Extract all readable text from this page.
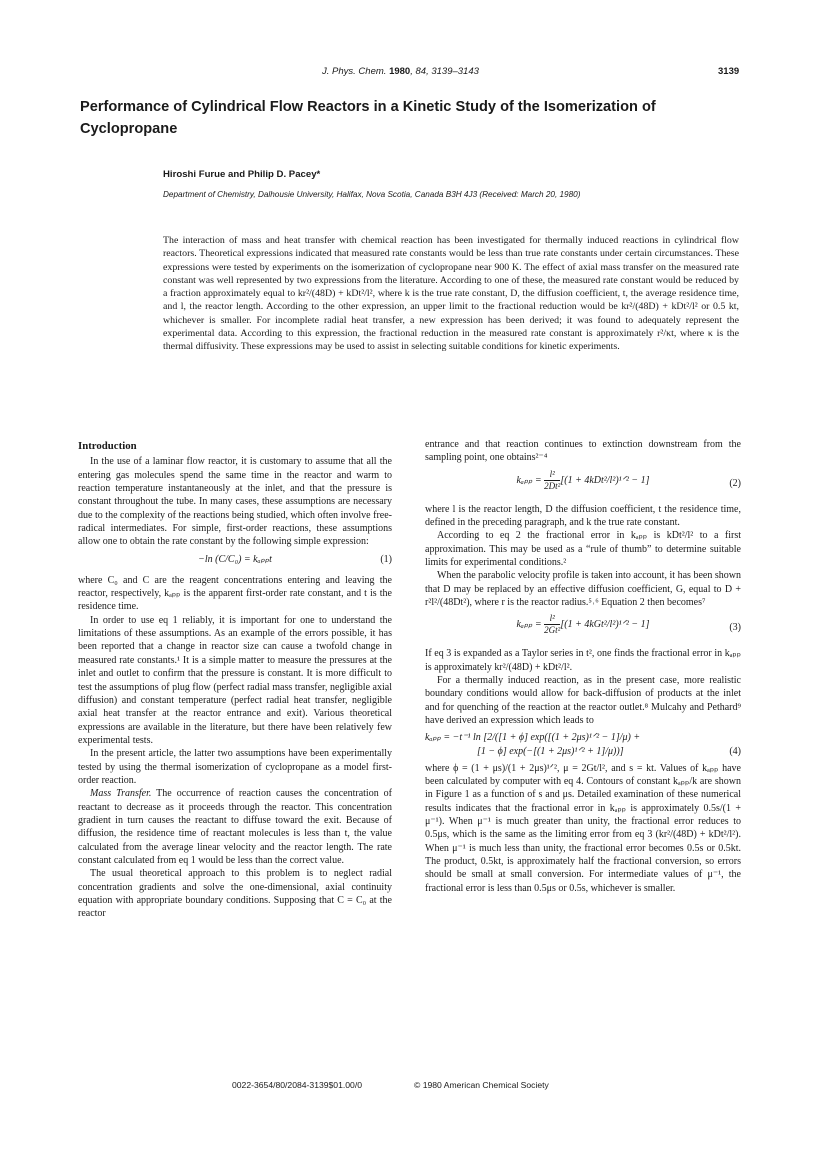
J. Phys. Chem. 1980, 84, 3139–3143	3139
Performance of Cylindrical Flow Reactors in a Kinetic Study of the Isomerization of Cyclopropane
Hiroshi Furue and Philip D. Pacey*
Department of Chemistry, Dalhousie University, Halifax, Nova Scotia, Canada B3H 4J3 (Received: March 20, 1980)

The interaction of mass and heat transfer with chemical reaction has been investigated for thermally induced reactions in cylindrical flow reactors. Theoretical expressions indicated that measured rate constants would be less than true rate constants under certain circumstances. These expressions were tested by experiments on the isomerization of cyclopropane near 900 K. The effect of axial mass transfer on the measured rate constant was well represented by two expressions from the literature. According to one of these, the measured rate constant would be reduced by a fraction approximately equal to kr²/(48D) + kDt²/l², where k is the true rate constant, D, the diffusion coefficient, t, the average residence time, and l, the reactor length. According to the other expression, an upper limit to the fractional reduction would be kr²/(48D) + kDt²/l² or 0.5 kt, whichever is smaller. For incomplete radial heat transfer, a new expression has been derived; it was found to adequately represent the experimental data. According to this expression, the fractional reduction in the measured rate constant is approximately r²/κt, where κ is the thermal diffusivity. These expressions may be used to assist in selecting suitable conditions for kinetic experiments.

Introduction

In the use of a laminar flow reactor, it is customary to assume that all the entering gas molecules spend the same time in the reactor and warm to reaction temperature instantaneously at the inlet, and that the pressure is constant throughout the tube. In many cases, these assumptions are necessary due to the complexity of the reactions being studied, which often involve free-radical intermediates. For simple, first-order reactions, these assumptions allow one to obtain the rate constant by the following simple expression:

−ln (C/C₀) = kₐₚₚt	(1)

where C₀ and C are the reagent concentrations entering and leaving the reactor, respectively, kₐₚₚ is the apparent first-order rate constant, and t is the residence time.

In order to use eq 1 reliably, it is important for one to understand the limitations of these assumptions. As an example of the errors possible, it has been reported that a change in reactor size can cause a twofold change in measured rate constants.¹ It is a simple matter to measure the pressures at the inlet and outlet to confirm that the pressure is constant. It is more difficult to test the assumptions of plug flow (perfect radial mass transfer, negligible axial diffusion) and constant temperature (perfect radial heat transfer, negligible axial heat transfer at the reactor entrance and exit). Various theoretical expressions are available in the literature, but there have been relatively few experimental tests.

In the present article, the latter two assumptions have been experimentally tested by using the thermal isomerization of cyclopropane as a model first-order reaction.

Mass Transfer. The occurrence of reaction causes the concentration of reactant to decrease as it proceeds through the reactor. This concentration gradient in turn causes the reactant to diffuse toward the exit. Because of diffusion, the residence time of reactant molecules is less than t, the value calculated from the average linear velocity and the reactor length. The rate constant calculated from eq 1 would be less than the correct value.

The usual theoretical approach to this problem is to neglect radial concentration gradients and solve the one-dimensional, axial continuity equation with appropriate boundary conditions. Supposing that C = C₀ at the reactor

entrance and that reaction continues to extinction downstream from the sampling point, one obtains²⁻⁴

$k_{app} = \frac{\text{l²}}{\text{2Dt²}} [(1$ + 4kDt²/l²)¹ᐟ² − 1]	(2)

where l is the reactor length, D the diffusion coefficient, t the residence time, defined in the preceding paragraph, and k the true rate constant.

According to eq 2 the fractional error in kₐₚₚ is kDt²/l² to a first approximation. This may be used as a “rule of thumb” to determine suitable limits for experimental conditions.²

When the parabolic velocity profile is taken into account, it has been shown that D may be replaced by an effective diffusion coefficient, G, equal to D + r²l²/(48Dt²), where r is the reactor radius.⁵˒⁶ Equation 2 then becomes⁷

$k_{app} = \frac{\text{l²}}{\text{2Gt²}} [(1$ + 4kGt²/l²)¹ᐟ² − 1]	(3)

If eq 3 is expanded as a Taylor series in t², one finds the fractional error in kₐₚₚ is approximately kr²/(48D) + kDt²/l².

For a thermally induced reaction, as in the present case, more realistic boundary conditions would allow for back-diffusion of products at the inlet and for quenching of the reaction at the reactor outlet.⁸ Mulcahy and Pethard⁹ have derived an expression which leads to

kₐₚₚ = −t⁻¹ ln [2/([1 + ϕ] exp([(1 + 2μs)¹ᐟ² − 1]/μ) +
[1 − ϕ] exp(−[(1 + 2μs)¹ᐟ² + 1]/μ))]	(4)

where ϕ = (1 + μs)/(1 + 2μs)¹ᐟ², μ = 2Gt/l², and s = kt. Values of kₐₚₚ have been calculated by computer with eq 4. Contours of constant kₐₚₚ/k are shown in Figure 1 as a function of s and μs. Detailed examination of these numerical results indicates that the fractional error in kₐₚₚ is approximately 0.5s/(1 + μ⁻¹). When μ⁻¹ is much greater than unity, the fractional error reduces to 0.5μs, which is the same as the limiting error from eq 3 (kr²/(48D) + kDt²/l²). When μ⁻¹ is much less than unity, the fractional error becomes 0.5s or 0.5kt. The product, 0.5kt, is approximately half the fractional conversion, so errors should be small at small conversion. For intermediate values of μ⁻¹, the fractional error is less than 0.5μs or 0.5s, whichever is smaller.

0022-3654/80/2084-3139$01.00/0	© 1980 American Chemical Society
